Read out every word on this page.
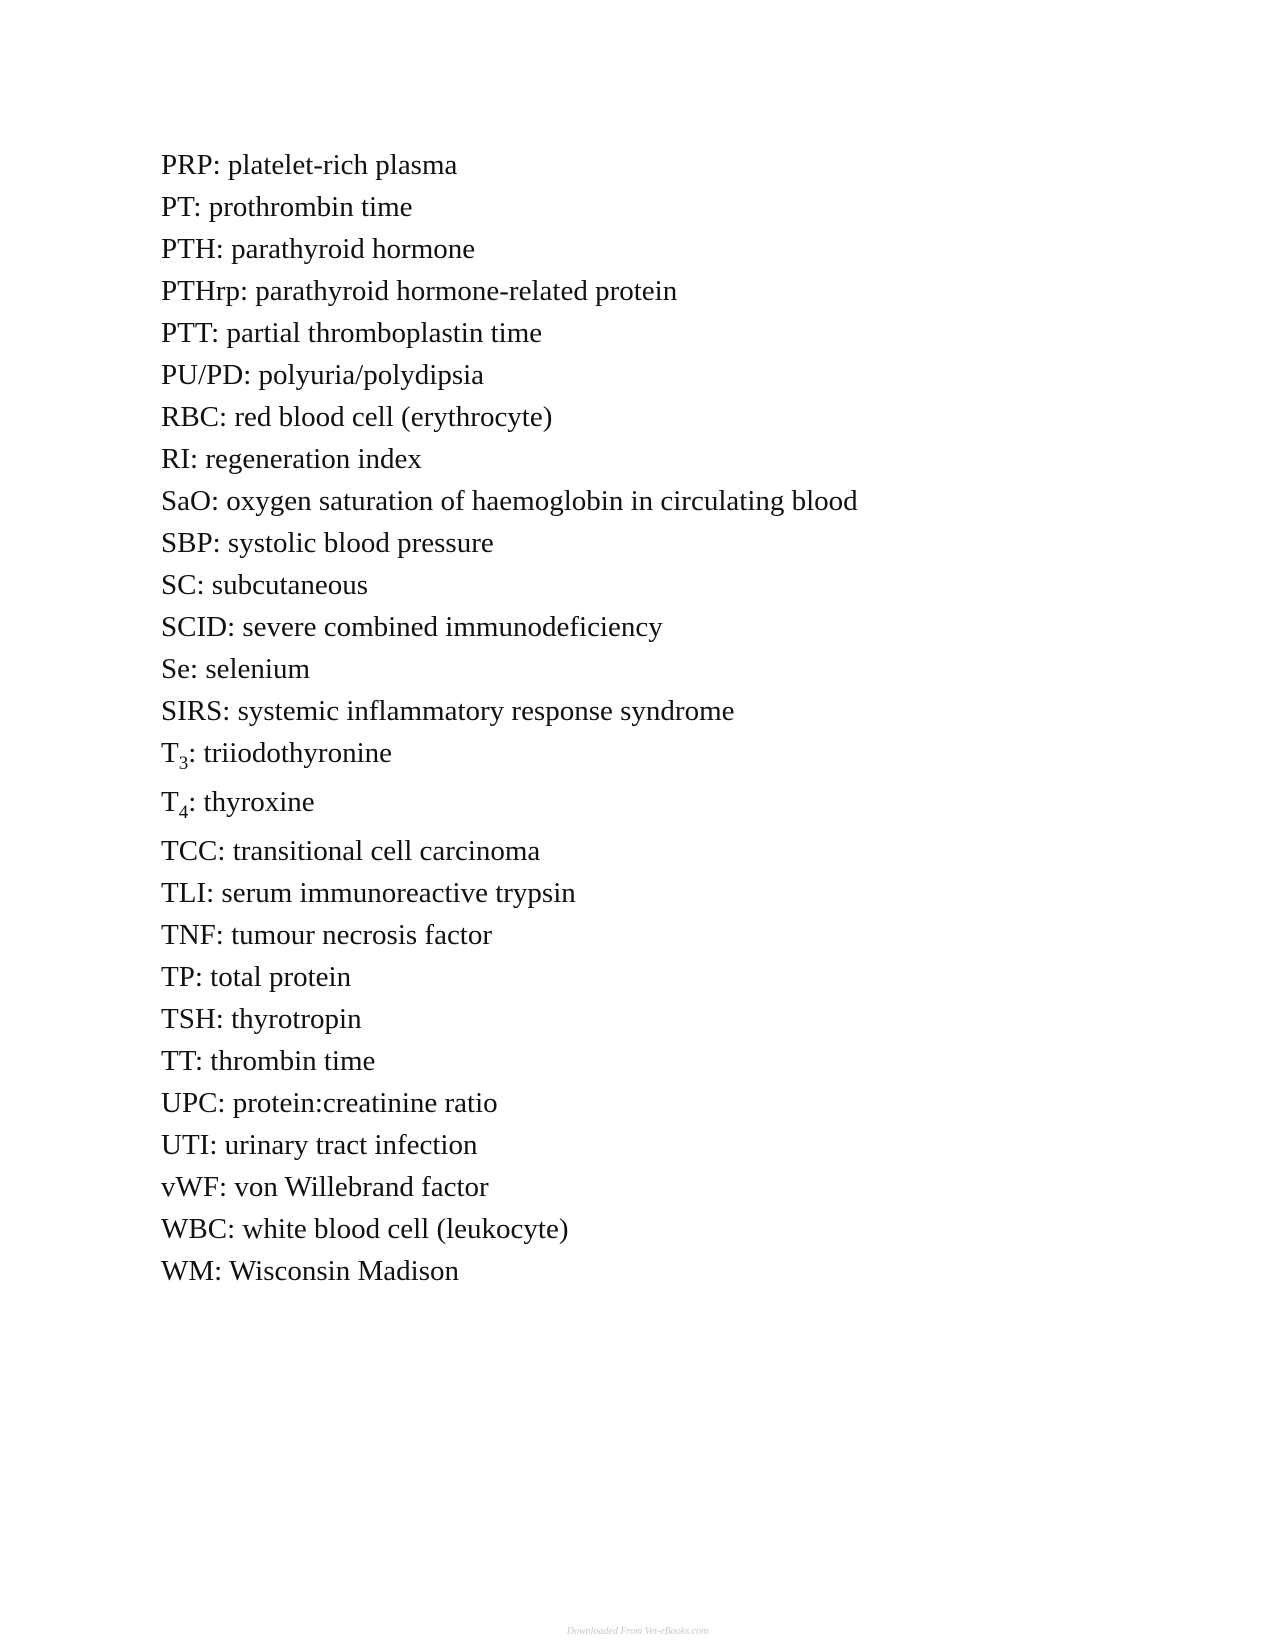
PRP: platelet-rich plasma
PT: prothrombin time
PTH: parathyroid hormone
PTHrp: parathyroid hormone-related protein
PTT: partial thromboplastin time
PU/PD: polyuria/polydipsia
RBC: red blood cell (erythrocyte)
RI: regeneration index
SaO: oxygen saturation of haemoglobin in circulating blood
SBP: systolic blood pressure
SC: subcutaneous
SCID: severe combined immunodeficiency
Se: selenium
SIRS: systemic inflammatory response syndrome
$T_3$: triiodothyronine
$T_4$: thyroxine
TCC: transitional cell carcinoma
TLI: serum immunoreactive trypsin
TNF: tumour necrosis factor
TP: total protein
TSH: thyrotropin
TT: thrombin time
UPC: protein:creatinine ratio
UTI: urinary tract infection
vWF: von Willebrand factor
WBC: white blood cell (leukocyte)
WM: Wisconsin Madison
Downloaded From Vet-eBooks.com
